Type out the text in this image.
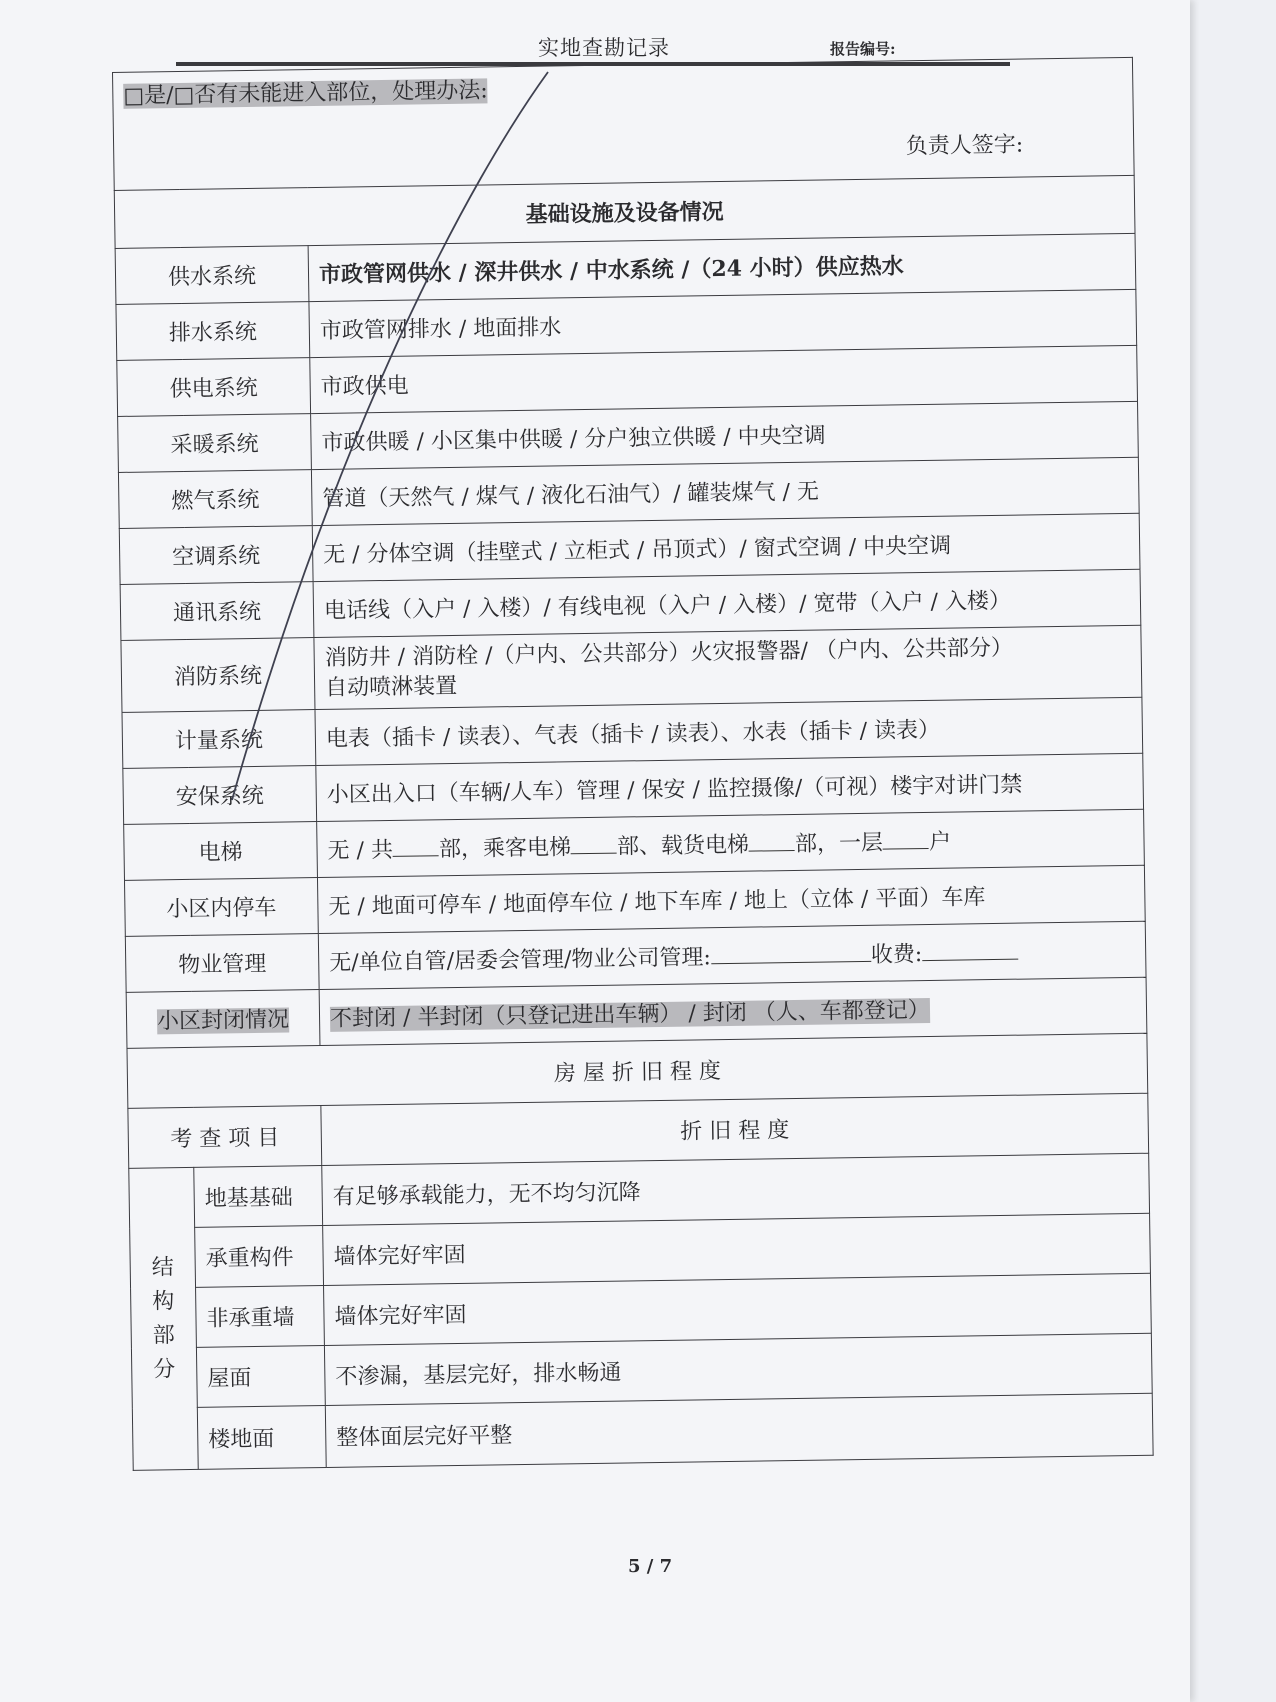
实地查勘记录	报告编号:
□是/□否有未能进入部位，处理办法:
负责人签字:		

基础设施及设备情况		
供水系统		市政管网供水 / 深井供水 / 中水系统 /（24 小时）供应热水
排水系统		市政管网排水 / 地面排水
供电系统		市政供电
采暖系统		市政供暖 / 小区集中供暖 / 分户独立供暖 / 中央空调
燃气系统		管道（天然气 / 煤气 / 液化石油气）/ 罐装煤气 / 无
空调系统		无 / 分体空调（挂壁式 / 立柜式 / 吊顶式）/ 窗式空调 / 中央空调
通讯系统		电话线（入户 / 入楼）/ 有线电视（入户 / 入楼）/ 宽带（入户 / 入楼）
消防系统		消防井 / 消防栓 /（户内、公共部分）火灾报警器/ （户内、公共部分）
自动喷淋装置

计量系统		电表（插卡 / 读表）、气表（插卡 / 读表）、水表（插卡 / 读表）
安保系统		小区出入口（车辆/人车）管理 / 保安 / 监控摄像/（可视）楼宇对讲门禁
电梯		无 / 共 部，乘客电梯 部、载货电梯 部，一层 户
小区内停车		无 / 地面可停车 / 地面停车位 / 地下车库 / 地上（立体 / 平面）车库
物业管理		无/单位自管/居委会管理/物业公司管理: 收费:
小区封闭情况		不封闭 / 半封闭（只登记进出车辆） / 封闭 （人、车都登记）
房 屋 折 旧 程 度		
考 查 项 目		折 旧 程 度

结
构
部
分	地基基础	有足够承载能力，无不均匀沉降
	承重构件	墙体完好牢固
	非承重墙	墙体完好牢固
	屋面	不渗漏，基层完好，排水畅通
	楼地面	整体面层完好平整
5 / 7
